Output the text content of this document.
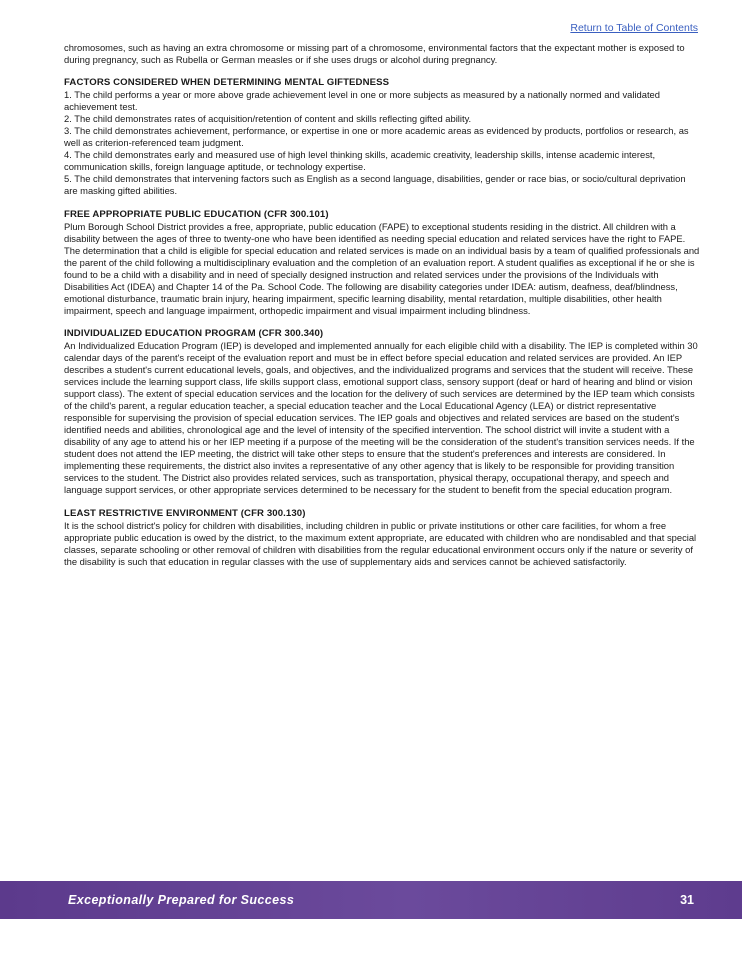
Return to Table of Contents

chromosomes, such as having an extra chromosome or missing part of a chromosome, environmental factors that the expectant mother is exposed to during pregnancy, such as Rubella or German measles or if she uses drugs or alcohol during pregnancy.

FACTORS CONSIDERED WHEN DETERMINING MENTAL GIFTEDNESS

1. The child performs a year or more above grade achievement level in one or more subjects as measured by a nationally normed and validated achievement test.

2. The child demonstrates rates of acquisition/retention of content and skills reflecting gifted ability.

3. The child demonstrates achievement, performance, or expertise in one or more academic areas as evidenced by products, portfolios or research, as well as criterion-referenced team judgment.

4. The child demonstrates early and measured use of high level thinking skills, academic creativity, leadership skills, intense academic interest, communication skills, foreign language aptitude, or technology expertise.

5. The child demonstrates that intervening factors such as English as a second language, disabilities, gender or race bias, or socio/cultural deprivation are masking gifted abilities.

FREE APPROPRIATE PUBLIC EDUCATION (CFR 300.101)

Plum Borough School District provides a free, appropriate, public education (FAPE) to exceptional students residing in the district. All children with a disability between the ages of three to twenty-one who have been identified as needing special education and related services have the right to FAPE. The determination that a child is eligible for special education and related services is made on an individual basis by a team of qualified professionals and the parent of the child following a multidisciplinary evaluation and the completion of an evaluation report. A student qualifies as exceptional if he or she is found to be a child with a disability and in need of specially designed instruction and related services under the provisions of the Individuals with Disabilities Act (IDEA) and Chapter 14 of the Pa. School Code. The following are disability categories under IDEA: autism, deafness, deaf/blindness, emotional disturbance, traumatic brain injury, hearing impairment, specific learning disability, mental retardation, multiple disabilities, other health impairment, speech and language impairment, orthopedic impairment and visual impairment including blindness.

INDIVIDUALIZED EDUCATION PROGRAM (CFR 300.340)

An Individualized Education Program (IEP) is developed and implemented annually for each eligible child with a disability. The IEP is completed within 30 calendar days of the parent's receipt of the evaluation report and must be in effect before special education and related services are provided. An IEP describes a student's current educational levels, goals, and objectives, and the individualized programs and services that the student will receive. These services include the learning support class, life skills support class, emotional support class, sensory support (deaf or hard of hearing and blind or vision support class). The extent of special education services and the location for the delivery of such services are determined by the IEP team which consists of the child's parent, a regular education teacher, a special education teacher and the Local Educational Agency (LEA) or district representative responsible for supervising the provision of special education services. The IEP goals and objectives and related services are based on the student's identified needs and abilities, chronological age and the level of intensity of the specified intervention. The school district will invite a student with a disability of any age to attend his or her IEP meeting if a purpose of the meeting will be the consideration of the student's transition services needs. If the student does not attend the IEP meeting, the district will take other steps to ensure that the student's preferences and interests are considered. In implementing these requirements, the district also invites a representative of any other agency that is likely to be responsible for providing transition services to the student. The District also provides related services, such as transportation, physical therapy, occupational therapy, and speech and language support services, or other appropriate services determined to be necessary for the student to benefit from the special education program.

LEAST RESTRICTIVE ENVIRONMENT (CFR 300.130)

It is the school district's policy for children with disabilities, including children in public or private institutions or other care facilities, for whom a free appropriate public education is owed by the district, to the maximum extent appropriate, are educated with children who are nondisabled and that special classes, separate schooling or other removal of children with disabilities from the regular educational environment occurs only if the nature or severity of the disability is such that education in regular classes with the use of supplementary aids and services cannot be achieved satisfactorily.

Exceptionally Prepared for Success	31
